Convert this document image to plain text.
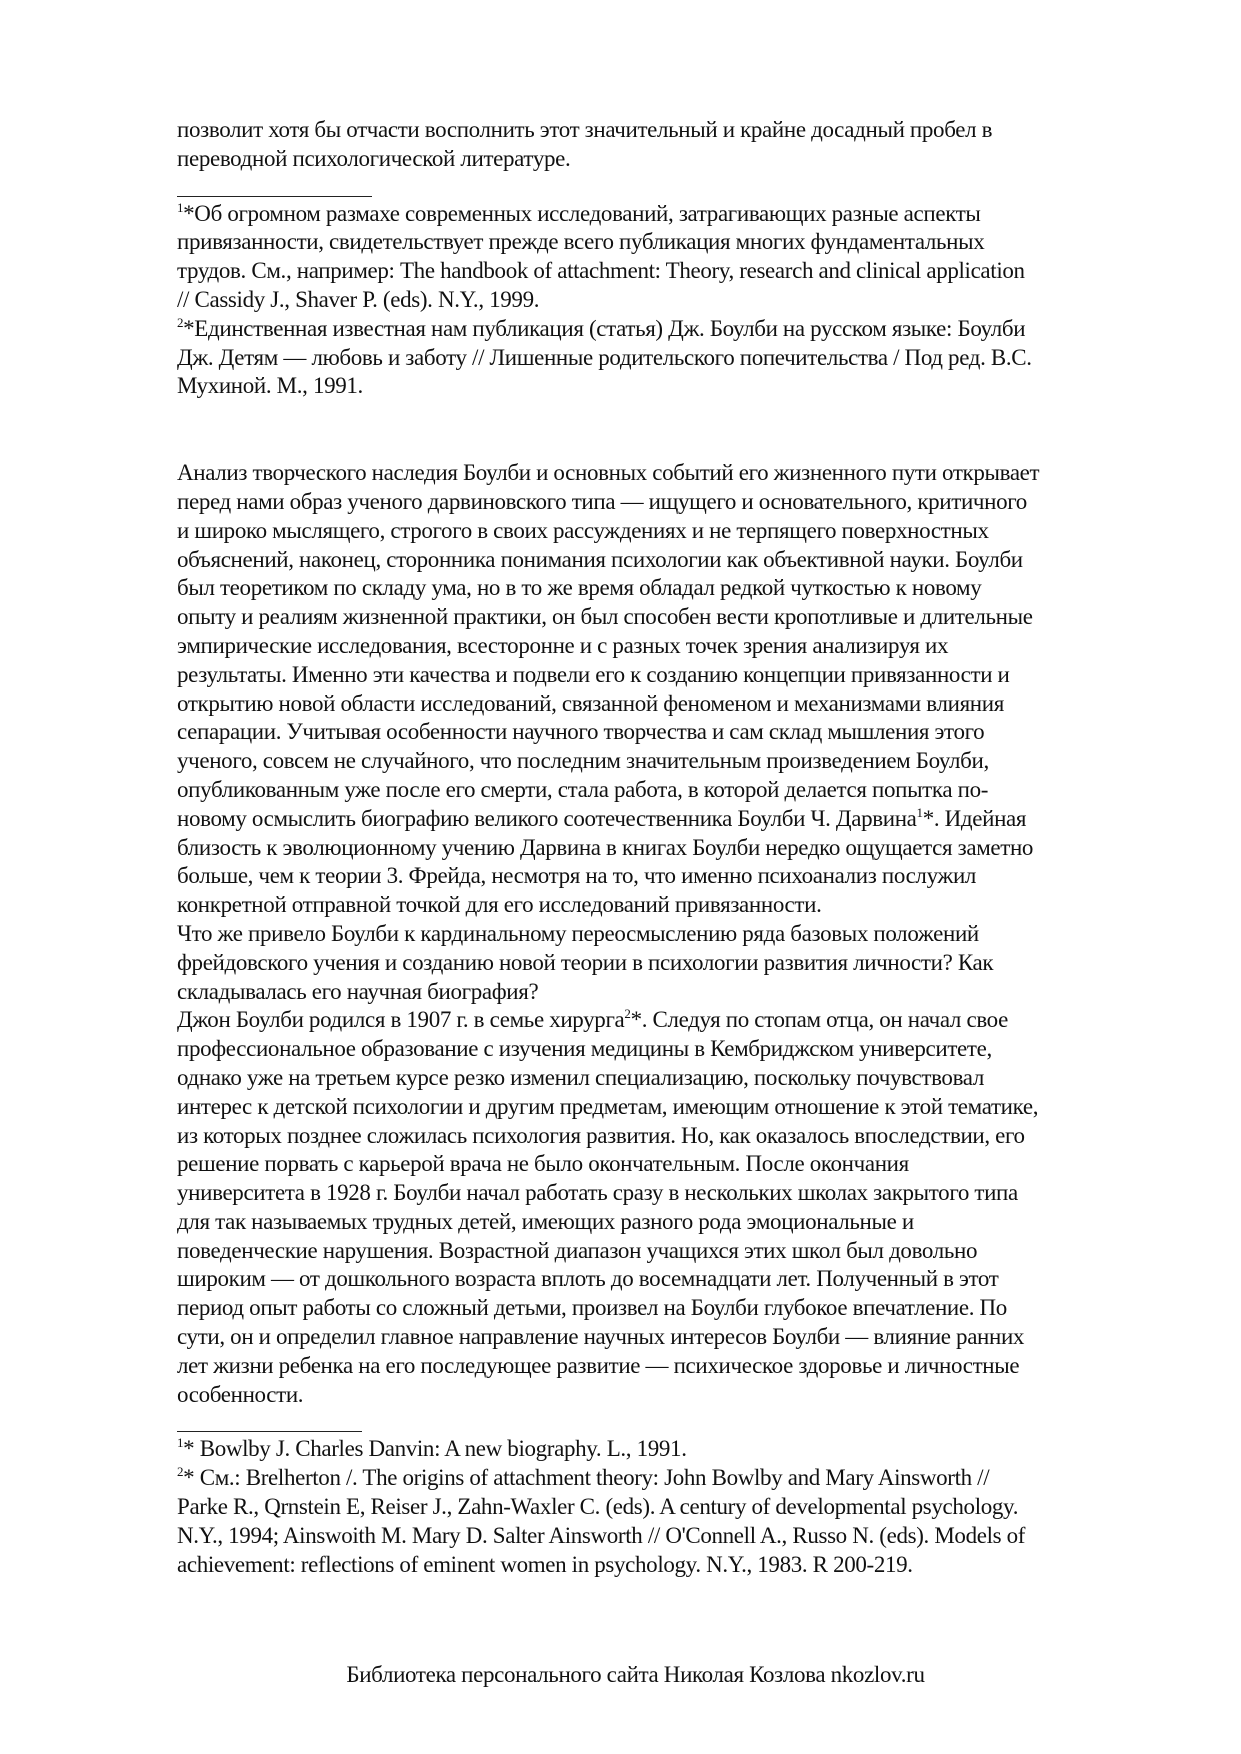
позволит хотя бы отчасти восполнить этот значительный и крайне досадный пробел в
переводной психологической литературе.
$^1$*Об огромном размахе современных исследований, затрагивающих разные аспекты
привязанности, свидетельствует прежде всего публикация многих фундаментальных
трудов. См., например: The handbook of attachment: Theory, research and clinical application
// Cassidy J., Shaver P. (eds). N.Y., 1999.
$^2$*Единственная известная нам публикация (статья) Дж. Боулби на русском языке: Боулби
Дж. Детям — любовь и заботу // Лишенные родительского попечительства / Под ред. В.С.
Мухиной. М., 1991.
Анализ творческого наследия Боулби и основных событий его жизненного пути открывает
перед нами образ ученого дарвиновского типа — ищущего и основательного, критичного
и широко мыслящего, строгого в своих рассуждениях и не терпящего поверхностных
объяснений, наконец, сторонника понимания психологии как объективной науки. Боулби
был теоретиком по складу ума, но в то же время обладал редкой чуткостью к новому
опыту и реалиям жизненной практики, он был способен вести кропотливые и длительные
эмпирические исследования, всесторонне и с разных точек зрения анализируя их
результаты. Именно эти качества и подвели его к созданию концепции привязанности и
открытию новой области исследований, связанной феноменом и механизмами влияния
сепарации. Учитывая особенности научного творчества и сам склад мышления этого
ученого, совсем не случайного, что последним значительным произведением Боулби,
опубликованным уже после его смерти, стала работа, в которой делается попытка по-
новому осмыслить биографию великого соотечественника Боулби Ч. Дарвина$^1$*. Идейная
близость к эволюционному учению Дарвина в книгах Боулби нередко ощущается заметно
больше, чем к теории 3. Фрейда, несмотря на то, что именно психоанализ послужил
конкретной отправной точкой для его исследований привязанности.
Что же привело Боулби к кардинальному переосмыслению ряда базовых положений
фрейдовского учения и созданию новой теории в психологии развития личности? Как
складывалась его научная биография?
Джон Боулби родился в 1907 г. в семье хирурга$^2$*. Следуя по стопам отца, он начал свое
профессиональное образование с изучения медицины в Кембриджском университете,
однако уже на третьем курсе резко изменил специализацию, поскольку почувствовал
интерес к детской психологии и другим предметам, имеющим отношение к этой тематике,
из которых позднее сложилась психология развития. Но, как оказалось впоследствии, его
решение порвать с карьерой врача не было окончательным. После окончания
университета в 1928 г. Боулби начал работать сразу в нескольких школах закрытого типа
для так называемых трудных детей, имеющих разного рода эмоциональные и
поведенческие нарушения. Возрастной диапазон учащихся этих школ был довольно
широким — от дошкольного возраста вплоть до восемнадцати лет. Полученный в этот
период опыт работы со сложный детьми, произвел на Боулби глубокое впечатление. По
сути, он и определил главное направление научных интересов Боулби — влияние ранних
лет жизни ребенка на его последующее развитие — психическое здоровье и личностные
особенности.
$^1$* Bowlby J. Charles Danvin: A new biography. L., 1991.
$^2$* См.: Brelherton /. The origins of attachment theory: John Bowlby and Mary Ainsworth //
Parke R., Qrnstein E, Reiser J., Zahn-Waxler C. (eds). A century of developmental psychology.
N.Y., 1994; Ainswoith M. Mary D. Salter Ainsworth // O'Connell A., Russo N. (eds). Models of
achievement: reflections of eminent women in psychology. N.Y., 1983. R 200-219.
Библиотека персонального сайта Николая Козлова nkozlov.ru
